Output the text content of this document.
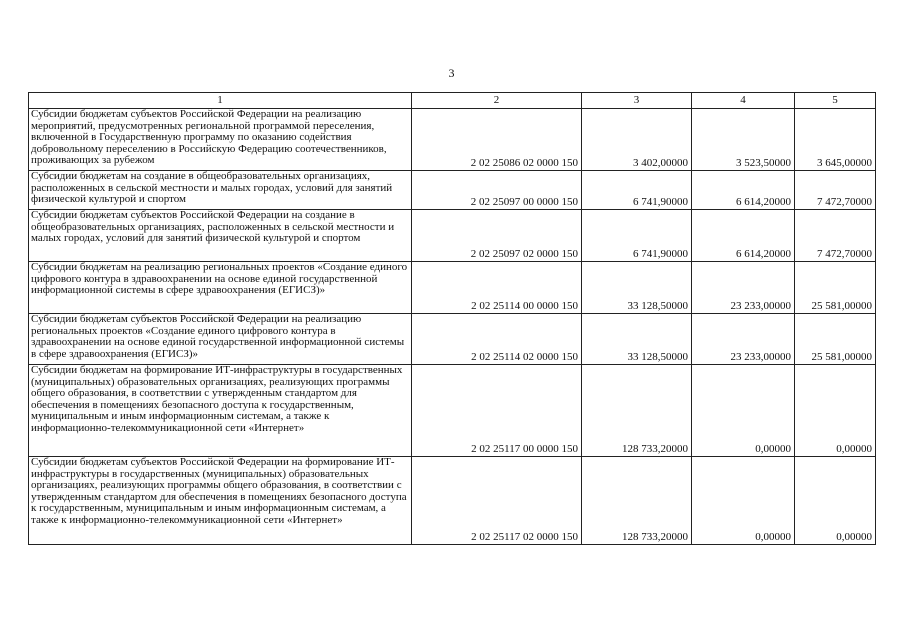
3
1	2	3	4	5
Субсидии бюджетам субъектов Российской Федерации на реализацию мероприятий, предусмотренных региональной программой переселения, включенной в Государственную программу по оказанию содействия добровольному переселению в Российскую Федерацию соотечественников, проживающих за рубежом	2 02 25086 02 0000 150	3 402,00000	3 523,50000	3 645,00000
Субсидии бюджетам на создание в общеобразовательных организациях, расположенных в сельской местности и малых городах, условий для занятий физической культурой и спортом	2 02 25097 00 0000 150	6 741,90000	6 614,20000	7 472,70000
Субсидии бюджетам субъектов Российской Федерации на создание в общеобразовательных организациях, расположенных в сельской местности и малых городах, условий для занятий физической культурой и спортом	2 02 25097 02 0000 150	6 741,90000	6 614,20000	7 472,70000
Субсидии бюджетам на реализацию региональных проектов «Создание единого цифрового контура в здравоохранении на основе единой государственной информационной системы в сфере здравоохранения (ЕГИСЗ)»	2 02 25114 00 0000 150	33 128,50000	23 233,00000	25 581,00000
Субсидии бюджетам субъектов Российской Федерации на реализацию региональных проектов «Создание единого цифрового контура в здравоохранении на основе единой государственной информационной системы в сфере здравоохранения (ЕГИСЗ)»	2 02 25114 02 0000 150	33 128,50000	23 233,00000	25 581,00000
Субсидии бюджетам на формирование ИТ-инфраструктуры в государственных (муниципальных) образовательных организациях, реализующих программы общего образования, в соответствии с утвержденным стандартом для обеспечения в помещениях безопасного доступа к государственным, муниципальным и иным информационным системам, а также к информационно-телекоммуникационной сети «Интернет»	2 02 25117 00 0000 150	128 733,20000	0,00000	0,00000
Субсидии бюджетам субъектов Российской Федерации на формирование ИТ-инфраструктуры в государственных (муниципальных) образовательных организациях, реализующих программы общего образования, в соответствии с утвержденным стандартом для обеспечения в помещениях безопасного доступа к государственным, муниципальным и иным информационным системам, а также к информационно-телекоммуникационной сети «Интернет»	2 02 25117 02 0000 150	128 733,20000	0,00000	0,00000
